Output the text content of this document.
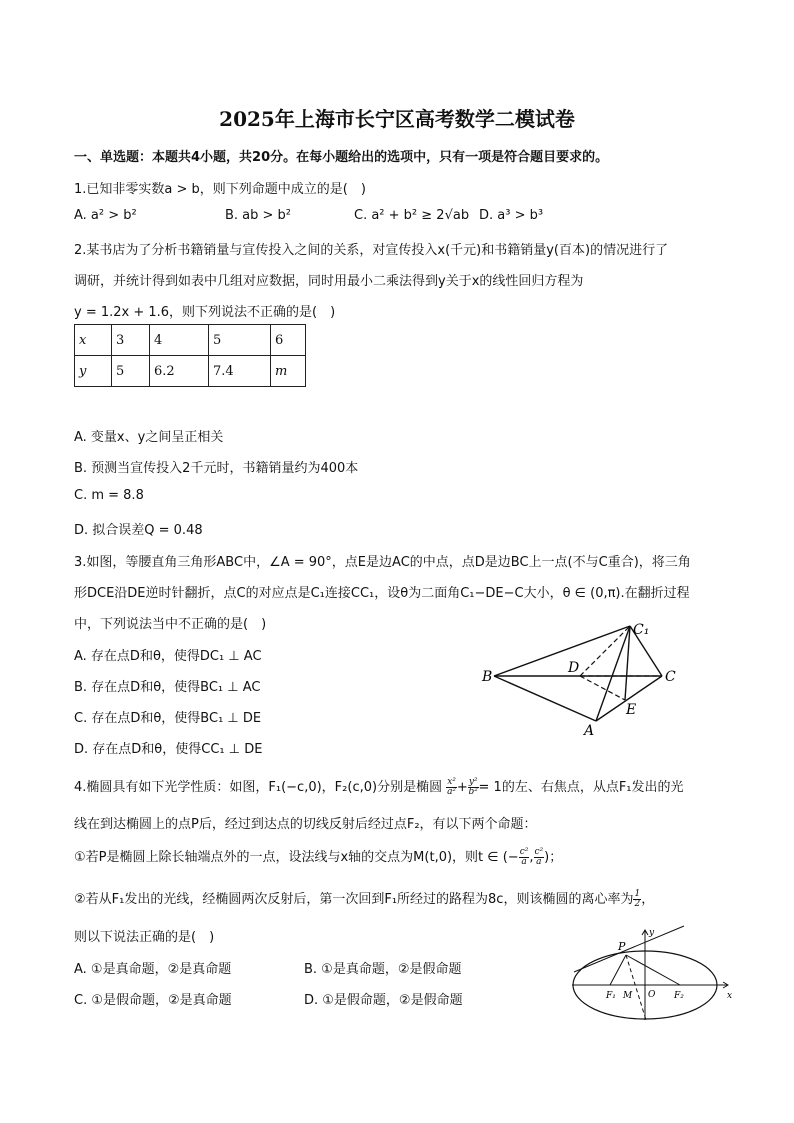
2025年上海市长宁区高考数学二模试卷
一、单选题：本题共4小题，共20分。在每小题给出的选项中，只有一项是符合题目要求的。
1.已知非零实数a > b，则下列命题中成立的是(　)
A. a² > b²	B. ab > b²	C. a² + b² ≥ 2√ab D. a³ > b³
2.某书店为了分析书籍销量与宣传投入之间的关系，对宣传投入x(千元)和书籍销量y(百本)的情况进行了
调研，并统计得到如表中几组对应数据，同时用最小二乘法得到y关于x的线性回归方程为
y = 1.2x + 1.6，则下列说法不正确的是(　)
x	3	4	5	6
y	5	6.2	7.4	m
A. 变量x、y之间呈正相关
B. 预测当宣传投入2千元时，书籍销量约为400本
C. m = 8.8
D. 拟合误差Q = 0.48
3.如图，等腰直角三角形ABC中，∠A = 90°，点E是边AC的中点，点D是边BC上一点(不与C重合)，将三角
形DCE沿DE逆时针翻折，点C的对应点是C₁连接CC₁，设θ为二面角C₁−DE−C大小，θ ∈ (0,π).在翻折过程
中，下列说法当中不正确的是(　)
A. 存在点D和θ，使得DC₁ ⊥ AC
B. 存在点D和θ，使得BC₁ ⊥ AC
C. 存在点D和θ，使得BC₁ ⊥ DE
D. 存在点D和θ，使得CC₁ ⊥ DE
B
D
C
C₁
E
A
4.椭圆具有如下光学性质：如图，F₁(−c,0)，F₂(c,0)分别是椭圆 $\frac{\text{x²}}{\text{a²}} + \frac{\text{y²}}{\text{b²}} = 1$的左、右焦点，从点F₁发出的光
线在到达椭圆上的点P后，经过到达点的切线反射后经过点F₂，有以下两个命题：
①若P是椭圆上除长轴端点外的一点，设法线与x轴的交点为M(t,0)，则t ∈ (− $\frac{\text{c²}}{a}$ , $\frac{\text{c²}}{a}$ )；
②若从F₁发出的光线，经椭圆两次反射后，第一次回到F₁所经过的路程为8c，则该椭圆的离心率为 $\frac{1}{2}$ ，
则以下说法正确的是(　)
A. ①是真命题，②是真命题	B. ①是真命题，②是假命题
C. ①是假命题，②是真命题	D. ①是假命题，②是假命题
P
y
F₁ M O F₂	x
